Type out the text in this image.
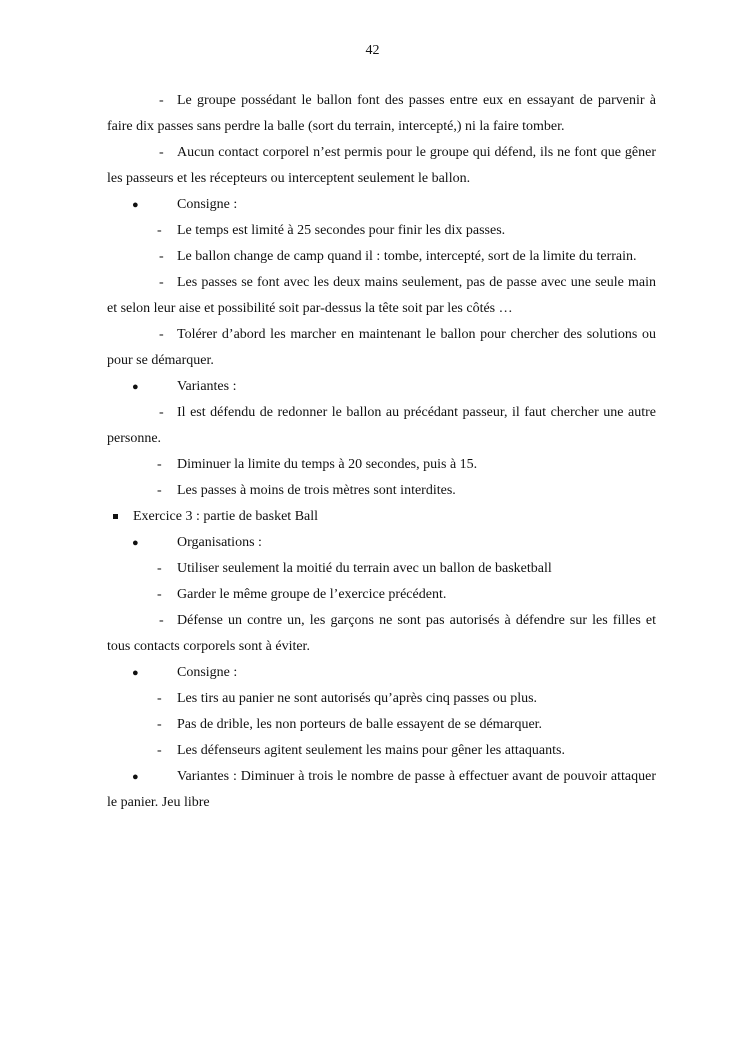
42

- Le groupe possédant le ballon font des passes entre eux en essayant de parvenir à faire dix passes sans perdre la balle (sort du terrain, intercepté,) ni la faire tomber.

- Aucun contact corporel n’est permis pour le groupe qui défend, ils ne font que gêner les passeurs et les récepteurs ou interceptent seulement le ballon.

●	Consigne :
- Le temps est limité à 25 secondes pour finir les dix passes.

- Le ballon change de camp quand il : tombe, intercepté, sort de la limite du terrain.

- Les passes se font avec les deux mains seulement, pas de passe avec une seule main et selon leur aise et possibilité soit par-dessus la tête soit par les côtés …

- Tolérer d’abord les marcher en maintenant le ballon pour chercher des solutions ou pour se démarquer.

●	Variantes :

- Il est défendu de redonner le ballon au précédant passeur, il faut chercher une autre personne.

- Diminuer la limite du temps à 20 secondes, puis à 15.
- Les passes à moins de trois mètres sont interdites.
Exercice 3 : partie de basket Ball
●	Organisations :
- Utiliser seulement la moitié du terrain avec un ballon de basketball
- Garder le même groupe de l’exercice précédent.

- Défense un contre un, les garçons ne sont pas autorisés à défendre sur les filles et tous contacts corporels sont à éviter.

●	Consigne :
- Les tirs au panier ne sont autorisés qu’après cinq passes ou plus.
- Pas de drible, les non porteurs de balle essayent de se démarquer.
- Les défenseurs agitent seulement les mains pour gêner les attaquants.

●	Variantes : Diminuer à trois le nombre de passe à effectuer avant de pouvoir attaquer le panier. Jeu libre
